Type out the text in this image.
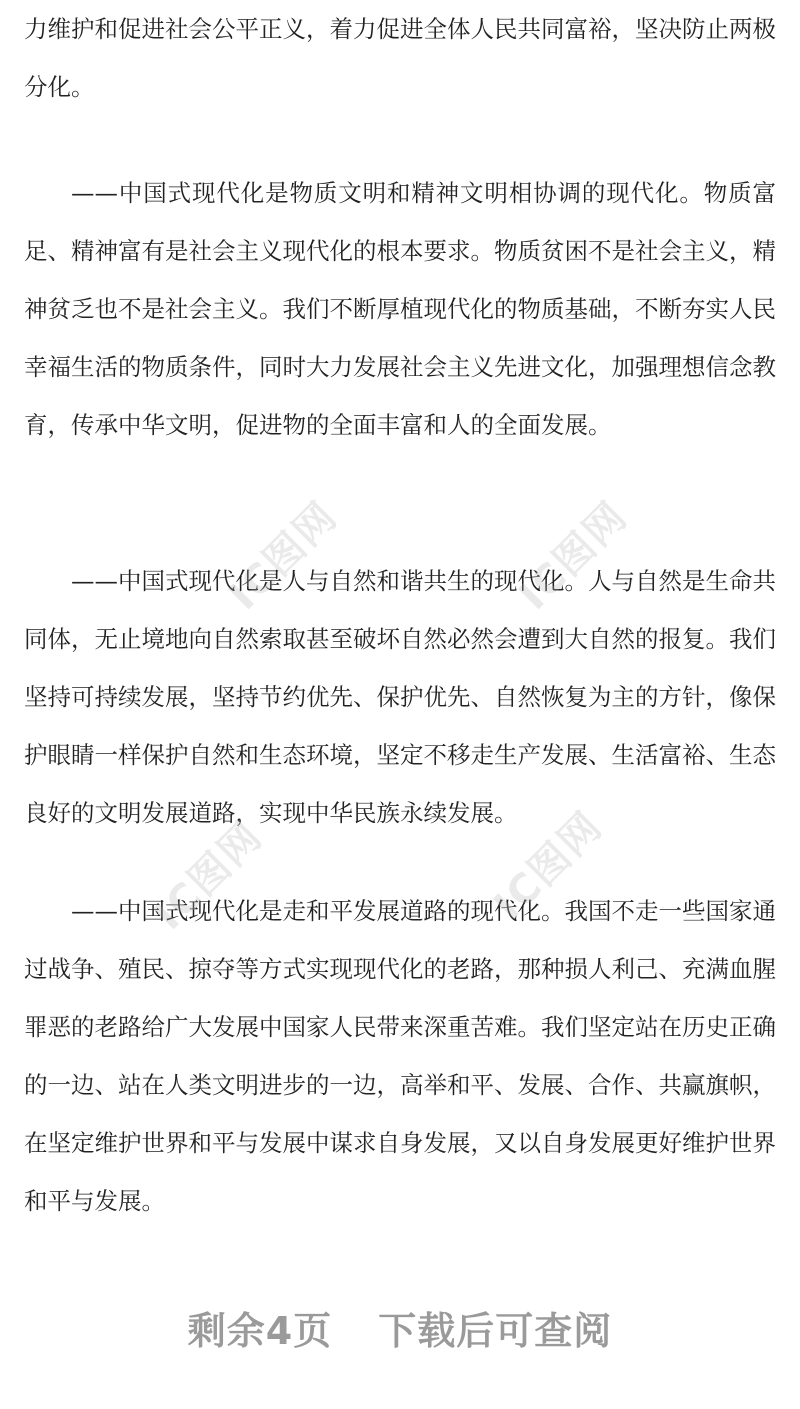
力维护和促进社会公平正义，着力促进全体人民共同富裕，坚决防止两极分化。

——中国式现代化是物质文明和精神文明相协调的现代化。物质富足、精神富有是社会主义现代化的根本要求。物质贫困不是社会主义，精神贫乏也不是社会主义。我们不断厚植现代化的物质基础，不断夯实人民幸福生活的物质条件，同时大力发展社会主义先进文化，加强理想信念教育，传承中华文明，促进物的全面丰富和人的全面发展。

——中国式现代化是人与自然和谐共生的现代化。人与自然是生命共同体，无止境地向自然索取甚至破坏自然必然会遭到大自然的报复。我们坚持可持续发展，坚持节约优先、保护优先、自然恢复为主的方针，像保护眼睛一样保护自然和生态环境，坚定不移走生产发展、生活富裕、生态良好的文明发展道路，实现中华民族永续发展。

——中国式现代化是走和平发展道路的现代化。我国不走一些国家通过战争、殖民、掠夺等方式实现现代化的老路，那种损人利己、充满血腥罪恶的老路给广大发展中国家人民带来深重苦难。我们坚定站在历史正确的一边、站在人类文明进步的一边，高举和平、发展、合作、共赢旗帜，在坚定维护世界和平与发展中谋求自身发展，又以自身发展更好维护世界和平与发展。

IC图网	IC图网
IC图网	IC图网
剩余4页 下载后可查阅
